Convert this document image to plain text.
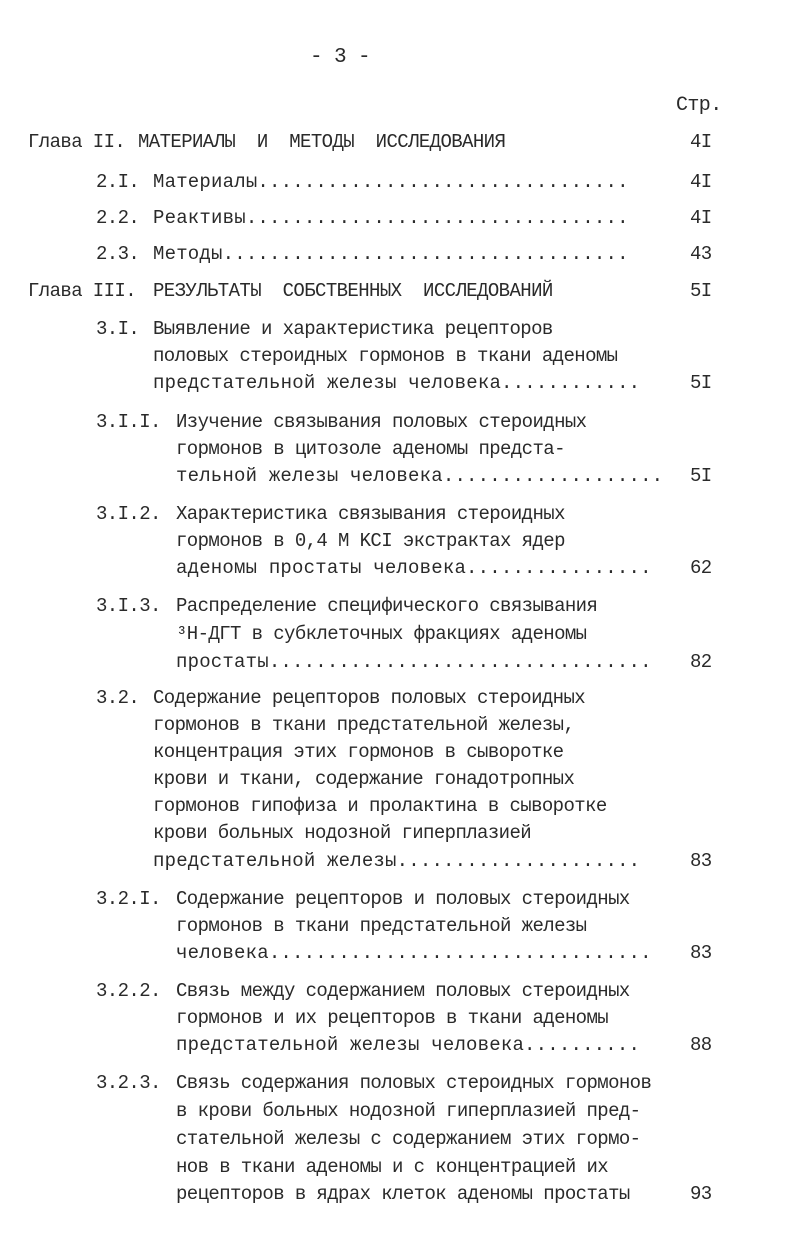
- 3 -
Стр.
Глава II. МАТЕРИАЛЫ  И  МЕТОДЫ  ИССЛЕДОВАНИЯ	4I
2.I. Материалы................................	4I
2.2. Реактивы.................................	4I
2.3. Методы...................................	43
Глава III. РЕЗУЛЬТАТЫ  СОБСТВЕННЫХ  ИССЛЕДОВАНИЙ	5I
3.I. Выявление и характеристика рецепторов
половых стероидных гормонов в ткани аденомы
предстательной железы человека............	5I
3.I.I. Изучение связывания половых стероидных
гормонов в цитозоле аденомы предста-
тельной железы человека................... 5I
3.I.2. Характеристика связывания стероидных
гормонов в 0,4 М KCI экстрактах ядер
аденомы простаты человека................ 62
3.I.3. Распределение специфического связывания
³Н-ДГТ в субклеточных фракциях аденомы
простаты................................. 82
3.2. Содержание рецепторов половых стероидных
гормонов в ткани предстательной железы,
концентрация этих гормонов в сыворотке
крови и ткани, содержание гонадотропных
гормонов гипофиза и пролактина в сыворотке
крови больных нодозной гиперплазией
предстательной железы.....................	83
3.2.I. Содержание рецепторов и половых стероидных
гормонов в ткани предстательной железы
человека................................. 83
3.2.2. Связь между содержанием половых стероидных
гормонов и их рецепторов в ткани аденомы
предстательной железы человека..........	88
3.2.3. Связь содержания половых стероидных гормонов
в крови больных нодозной гиперплазией пред-
стательной железы с содержанием этих гормо-
нов в ткани аденомы и с концентрацией их
рецепторов в ядрах клеток аденомы простаты	93
